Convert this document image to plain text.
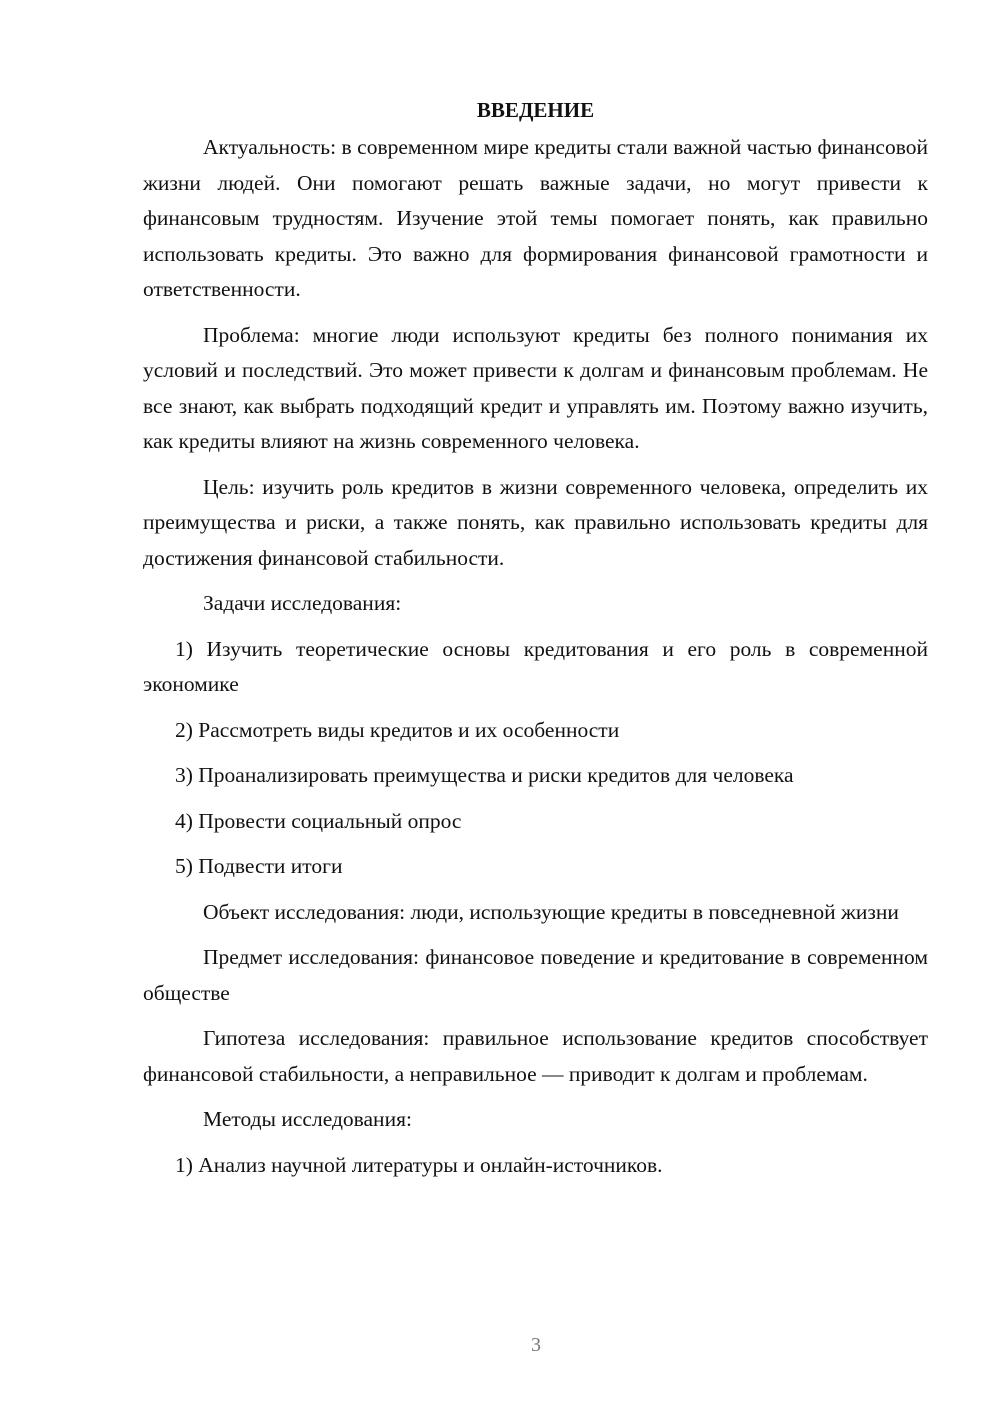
ВВЕДЕНИЕ

Актуальность: в современном мире кредиты стали важной частью финансовой жизни людей. Они помогают решать важные задачи, но могут привести к финансовым трудностям. Изучение этой темы помогает понять, как правильно использовать кредиты. Это важно для формирования финансовой грамотности и ответственности.

Проблема: многие люди используют кредиты без полного понимания их условий и последствий. Это может привести к долгам и финансовым проблемам. Не все знают, как выбрать подходящий кредит и управлять им. Поэтому важно изучить, как кредиты влияют на жизнь современного человека.

Цель: изучить роль кредитов в жизни современного человека, определить их преимущества и риски, а также понять, как правильно использовать кредиты для достижения финансовой стабильности.

Задачи исследования:

1) Изучить теоретические основы кредитования и его роль в современной экономике

2) Рассмотреть виды кредитов и их особенности

3) Проанализировать преимущества и риски кредитов для человека

4) Провести социальный опрос

5) Подвести итоги

Объект исследования: люди, использующие кредиты в повседневной жизни

Предмет исследования: финансовое поведение и кредитование в современном обществе

Гипотеза исследования: правильное использование кредитов способствует финансовой стабильности, а неправильное — приводит к долгам и проблемам.

Методы исследования:

1) Анализ научной литературы и онлайн-источников.

3
